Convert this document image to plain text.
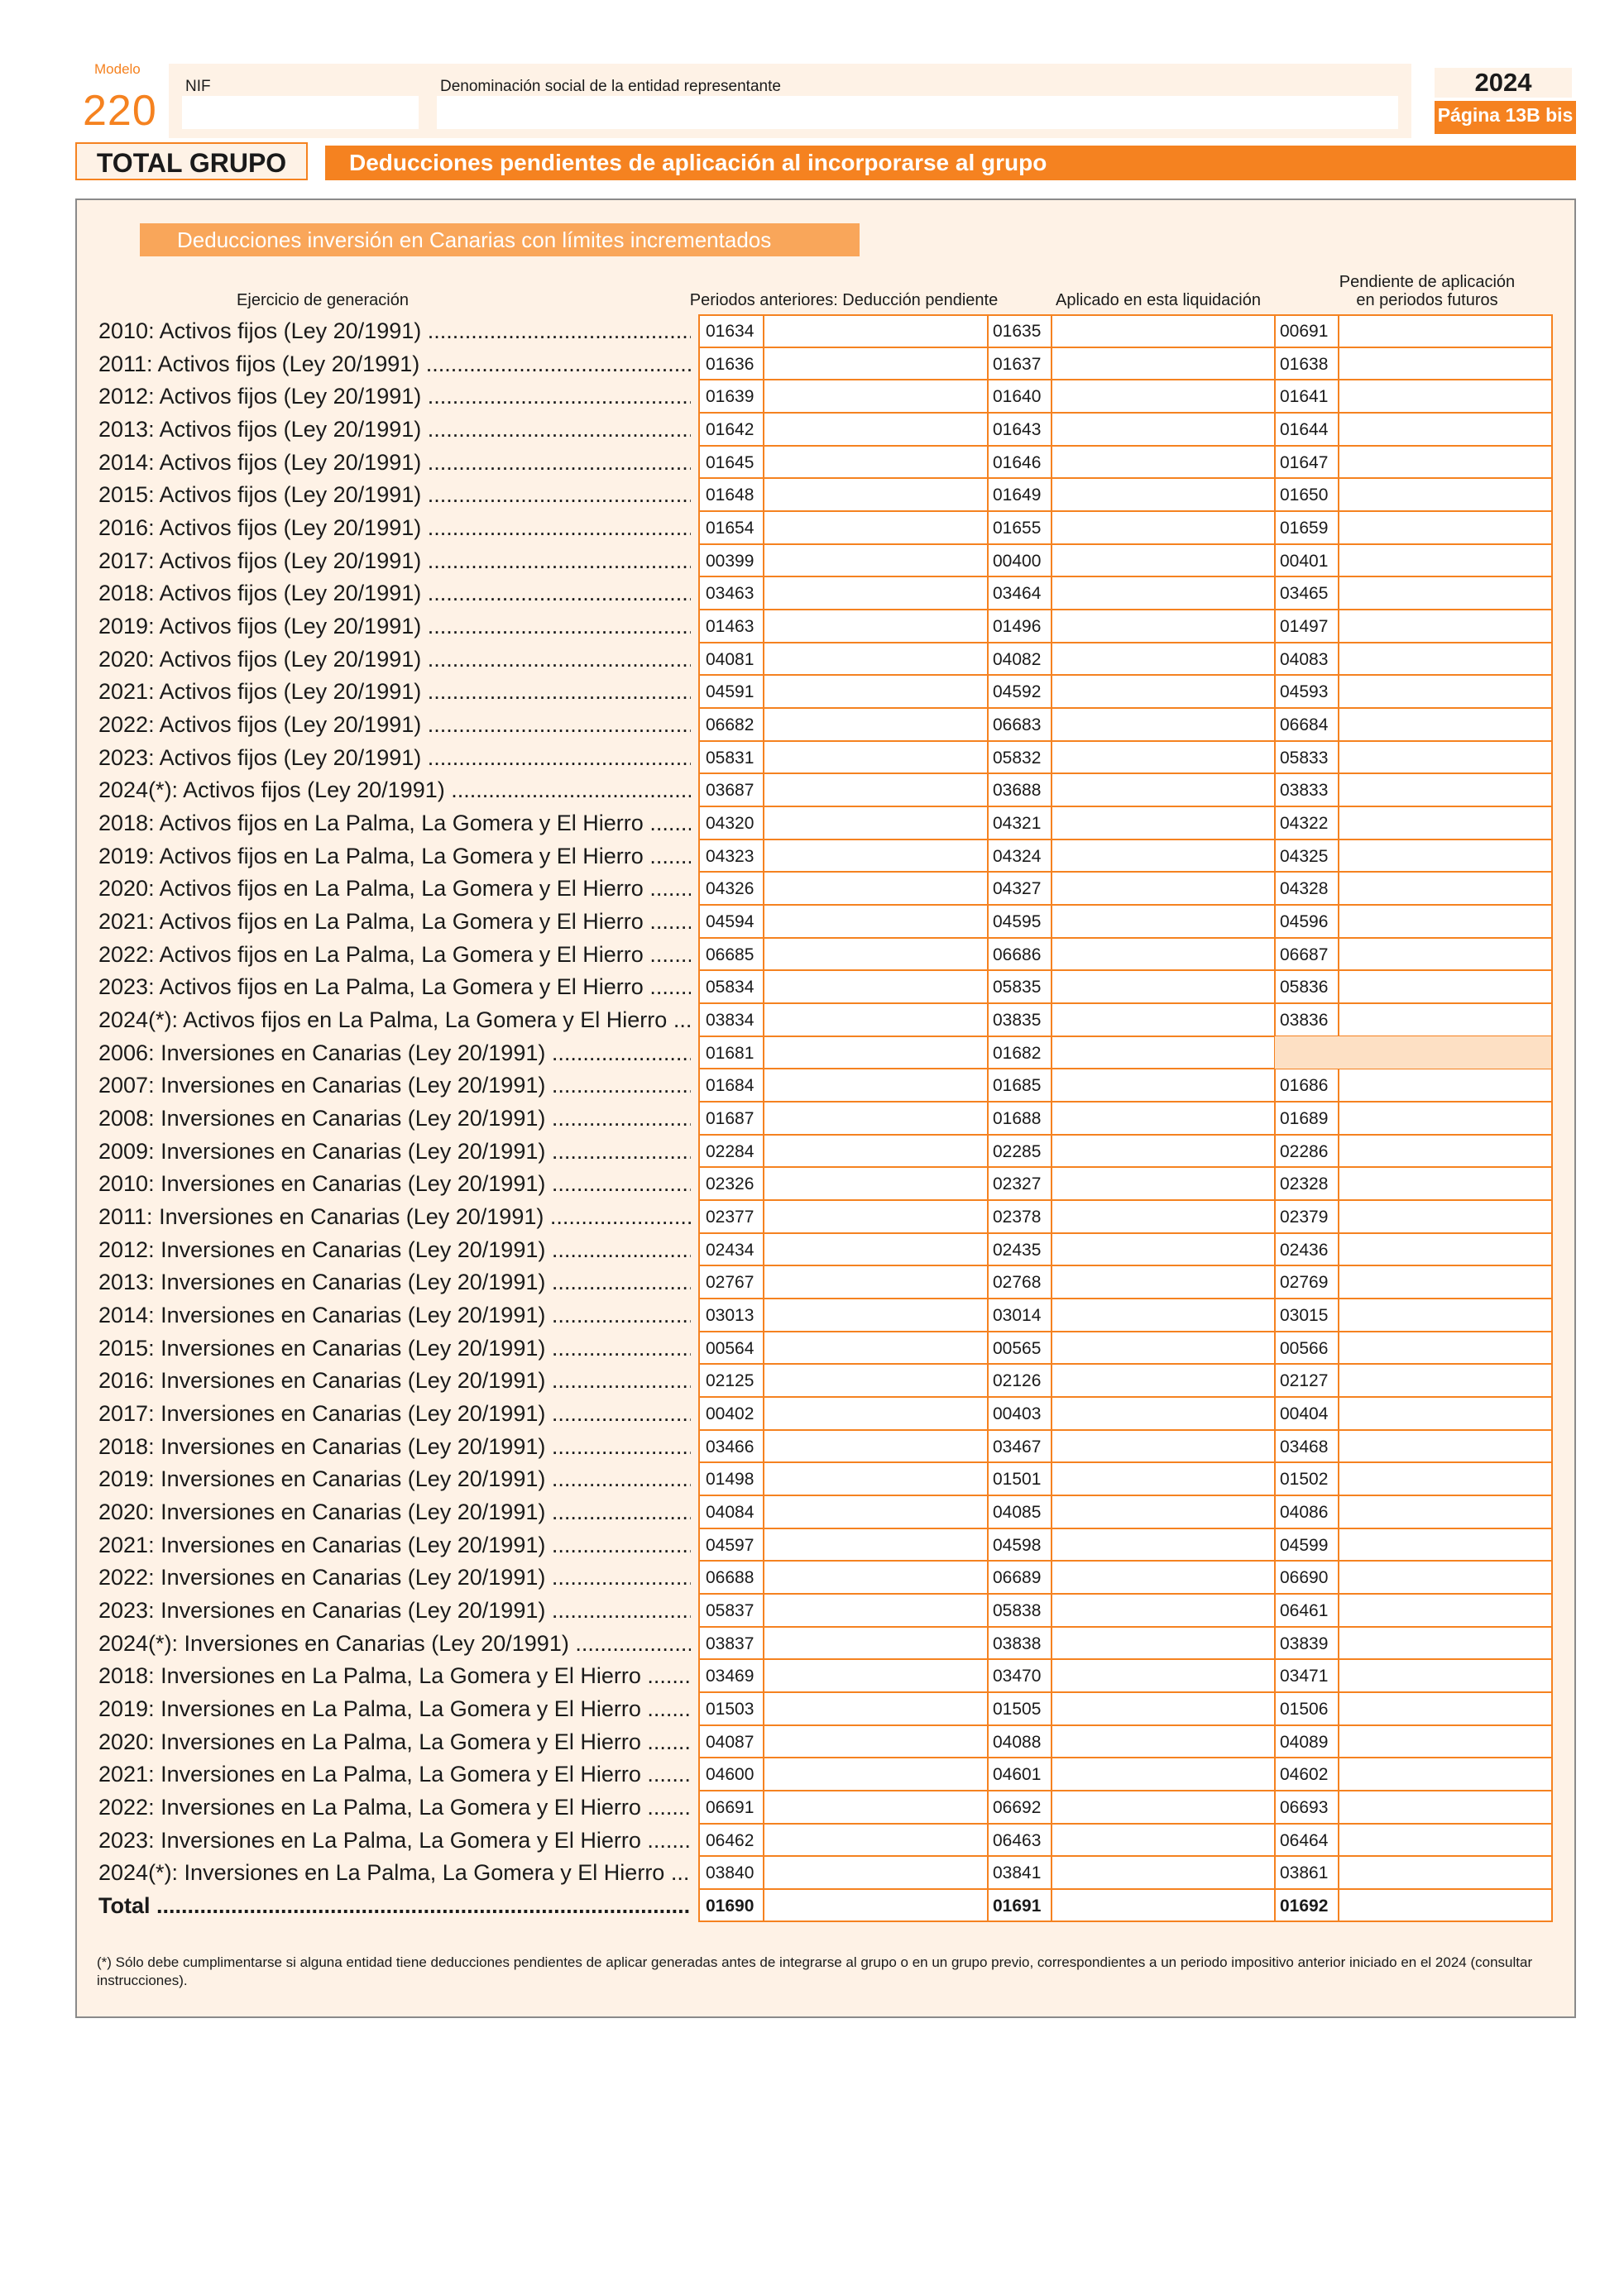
Modelo
220
NIF	Denominación social de la entidad representante	2024
Página 13B bis
TOTAL GRUPO	Deducciones pendientes de aplicación al incorporarse al grupo
Deducciones inversión en Canarias con límites incrementados
Ejercicio de generación	Periodos anteriores: Deducción pendiente	Aplicado en esta liquidación
Pendiente de aplicación
en periodos futuros
2010: Activos fijos (Ley 20/1991) .....	01634	01635	00691
2011: Activos fijos (Ley 20/1991) .....	01636	01637	01638
2012: Activos fijos (Ley 20/1991) .....	01639	01640	01641
2013: Activos fijos (Ley 20/1991) .....	01642	01643	01644
2014: Activos fijos (Ley 20/1991) .....	01645	01646	01647
2015: Activos fijos (Ley 20/1991) .....	01648	01649	01650
2016: Activos fijos (Ley 20/1991) .....	01654	01655	01659
2017: Activos fijos (Ley 20/1991) .....	00399	00400	00401
2018: Activos fijos (Ley 20/1991) .....	03463	03464	03465
2019: Activos fijos (Ley 20/1991) .....	01463	01496	01497
2020: Activos fijos (Ley 20/1991) .....	04081	04082	04083
2021: Activos fijos (Ley 20/1991) .....	04591	04592	04593
2022: Activos fijos (Ley 20/1991) .....	06682	06683	06684
2023: Activos fijos (Ley 20/1991) .....	05831	05832	05833
2024(*): Activos fijos (Ley 20/1991) .....	03687	03688	03833
2018: Activos fijos en La Palma, La Gomera y El Hierro .....	04320	04321	04322
2019: Activos fijos en La Palma, La Gomera y El Hierro .....	04323	04324	04325
2020: Activos fijos en La Palma, La Gomera y El Hierro .....	04326	04327	04328
2021: Activos fijos en La Palma, La Gomera y El Hierro .....	04594	04595	04596
2022: Activos fijos en La Palma, La Gomera y El Hierro .....	06685	06686	06687
2023: Activos fijos en La Palma, La Gomera y El Hierro .....	05834	05835	05836
2024(*): Activos fijos en La Palma, La Gomera y El Hierro .....	03834	03835	03836
2006: Inversiones en Canarias (Ley 20/1991) .....	01681	01682
2007: Inversiones en Canarias (Ley 20/1991) .....	01684	01685	01686
2008: Inversiones en Canarias (Ley 20/1991) .....	01687	01688	01689
2009: Inversiones en Canarias (Ley 20/1991) .....	02284	02285	02286
2010: Inversiones en Canarias (Ley 20/1991) .....	02326	02327	02328
2011: Inversiones en Canarias (Ley 20/1991) .....	02377	02378	02379
2012: Inversiones en Canarias (Ley 20/1991) .....	02434	02435	02436
2013: Inversiones en Canarias (Ley 20/1991) .....	02767	02768	02769
2014: Inversiones en Canarias (Ley 20/1991) .....	03013	03014	03015
2015: Inversiones en Canarias (Ley 20/1991) .....	00564	00565	00566
2016: Inversiones en Canarias (Ley 20/1991) .....	02125	02126	02127
2017: Inversiones en Canarias (Ley 20/1991) .....	00402	00403	00404
2018: Inversiones en Canarias (Ley 20/1991) .....	03466	03467	03468
2019: Inversiones en Canarias (Ley 20/1991) .....	01498	01501	01502
2020: Inversiones en Canarias (Ley 20/1991) .....	04084	04085	04086
2021: Inversiones en Canarias (Ley 20/1991) .....	04597	04598	04599
2022: Inversiones en Canarias (Ley 20/1991) .....	06688	06689	06690
2023: Inversiones en Canarias (Ley 20/1991) .....	05837	05838	06461
2024(*): Inversiones en Canarias (Ley 20/1991) .....	03837	03838	03839
2018: Inversiones en La Palma, La Gomera y El Hierro .....	03469	03470	03471
2019: Inversiones en La Palma, La Gomera y El Hierro .....	01503	01505	01506
2020: Inversiones en La Palma, La Gomera y El Hierro .....	04087	04088	04089
2021: Inversiones en La Palma, La Gomera y El Hierro .....	04600	04601	04602
2022: Inversiones en La Palma, La Gomera y El Hierro .....	06691	06692	06693
2023: Inversiones en La Palma, La Gomera y El Hierro .....	06462	06463	06464
2024(*): Inversiones en La Palma, La Gomera y El Hierro .....	03840	03841	03861
Total .....	01690	01691	01692
(*) Sólo debe cumplimentarse si alguna entidad tiene deducciones pendientes de aplicar generadas antes de integrarse al grupo o en un grupo previo, correspondientes a un periodo impositivo anterior iniciado en el 2024 (consultar instrucciones).
